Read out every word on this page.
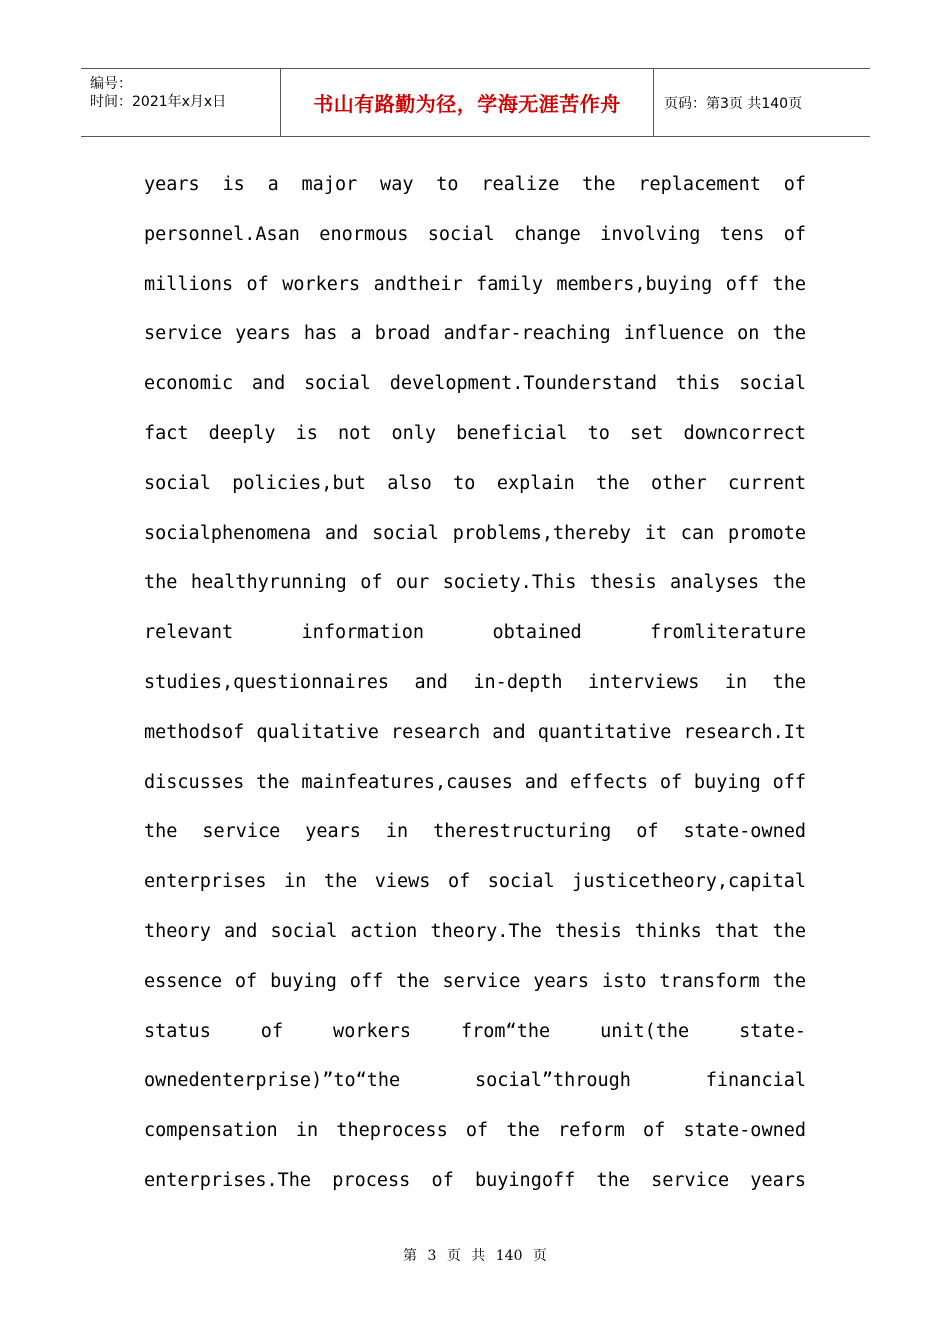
编号：
时间：2021年x月x日	书山有路勤为径，学海无涯苦作舟	页码：第3页 共140页
years is a major way to realize the replacement of
personnel.Asan enormous social change involving tens of
millions of workers andtheir family members,buying off the
service years has a broad andfar-reaching influence on the
economic and social development.Tounderstand this social
fact deeply is not only beneficial to set downcorrect
social policies,but also to explain the other current
socialphenomena and social problems,thereby it can promote
the healthyrunning of our society.This thesis analyses the
relevant information obtained fromliterature
studies,questionnaires and in-depth interviews in the
methodsof qualitative research and quantitative research.It
discusses the mainfeatures,causes and effects of buying off
the service years in therestructuring of state-owned
enterprises in the views of social justicetheory,capital
theory and social action theory.The thesis thinks that the
essence of buying off the service years isto transform the
status of workers from“the unit(the state-
ownedenterprise)”to“the social”through financial
compensation in theprocess of the reform of state-owned
enterprises.The process of buyingoff the service years
第 3 页 共 140 页
